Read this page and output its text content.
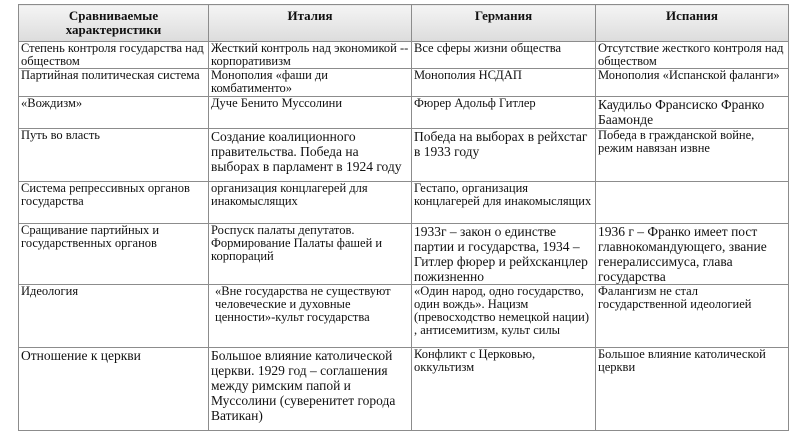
Сравниваемые характеристики	Италия	Германия	Испания
Степень контроля государства над обществом	Жесткий контроль над экономикой -- корпоративизм	Все сферы жизни общества	Отсутствие жесткого контроля над обществом
Партийная политическая система	Монополия «фаши ди комбатименто»	Монополия НСДАП	Монополия «Испанской фаланги»
«Вождизм»	Дуче Бенито Муссолини	Фюрер Адольф Гитлер	Каудильо Франсиско Франко Баамонде
Путь во власть	Создание коалиционного правительства. Победа на выборах в парламент в 1924 году	Победа на выборах в рейхстаг в 1933 году	Победа в гражданской войне, режим навязан извне
Система репрессивных органов государства	организация концлагерей для инакомыслящих	Гестапо, организация концлагерей для инакомыслящих	
Сращивание партийных и государственных органов	Роспуск палаты депутатов. Формирование Палаты фашей и корпораций	1933г – закон о единстве партии и государства, 1934 – Гитлер фюрер и рейхсканцлер пожизненно	1936 г – Франко имеет пост главнокомандующего, звание генералиссимуса, глава государства
Идеология	«Вне государства не существуют человеческие и духовные ценности»-культ государства	«Один народ, одно государство, один вождь». Нацизм (превосходство немецкой нации) , антисемитизм, культ силы	Фалангизм не стал государственной идеологией
Отношение к церкви	Большое влияние католической церкви. 1929 год – соглашения между римским папой и Муссолини (суверенитет города Ватикан)	Конфликт с Церковью, оккультизм	Большое влияние католической церкви
